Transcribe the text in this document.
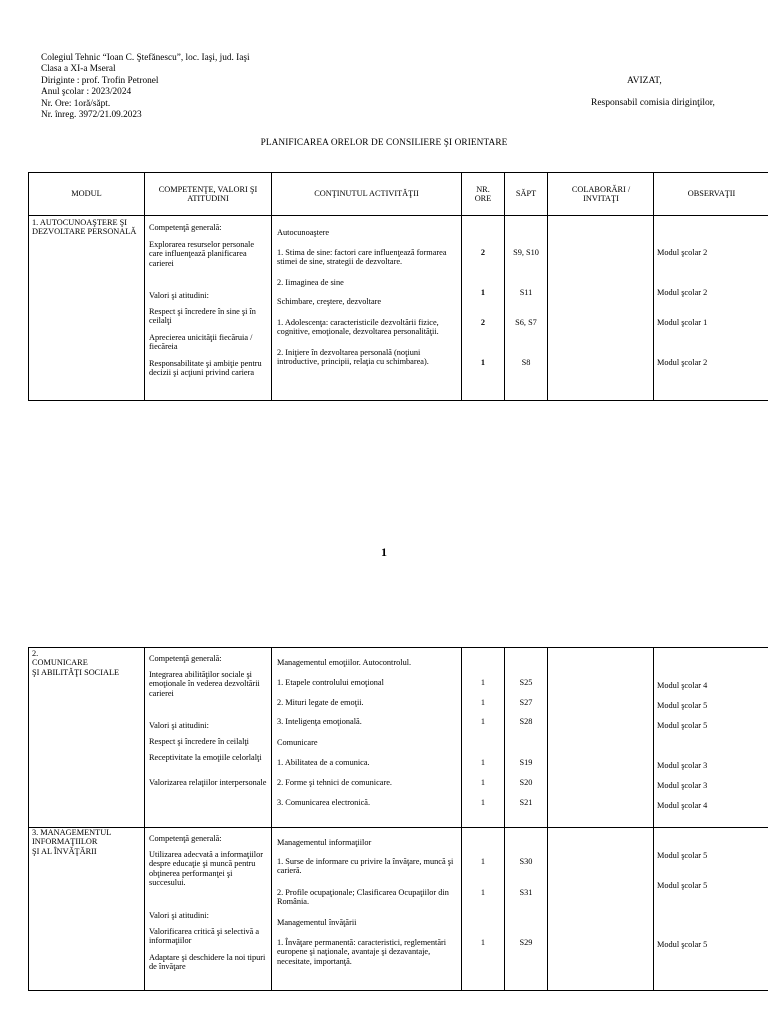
Colegiul Tehnic “Ioan C. Ştefănescu”, loc. Iaşi, jud. Iaşi
Clasa a XI-a Mseral
Diriginte : prof. Trofin Petronel
Anul şcolar : 2023/2024
Nr. Ore: 1oră/săpt.
Nr. înreg. 3972/21.09.2023
AVIZAT,
Responsabil comisia diriginţilor,
PLANIFICAREA ORELOR DE CONSILIERE ŞI ORIENTARE
MODUL
COMPETENŢE, VALORI ŞI ATITUDINI
CONŢINUTUL ACTIVITĂŢII
NR. ORE
SĂPT
COLABORĂRI / INVITAŢI
OBSERVAŢII
1. AUTOCUNOAŞTERE ŞI DEZVOLTARE PERSONALĂ	Competenţă generală:
Explorarea resurselor personale care influenţează planificarea carierei
Valori şi atitudini:
Respect şi încredere în sine şi în ceilalţi
Aprecierea unicităţii fiecăruia / fiecăreia
Responsabilitate şi ambiţie pentru decizii şi acţiuni privind cariera
Autocunoaştere
1. Stima de sine: factori care influenţează formarea stimei de sine, strategii de dezvoltare.
2. Iimaginea de sine
Schimbare, creştere, dezvoltare
1. Adolescenţa: caracteristicile dezvoltării fizice, cognitive, emoţionale, dezvoltarea personalităţii.
2. Iniţiere în dezvoltarea personală (noţiuni introductive, principii, relaţia cu schimbarea).
2
1
2
1
S9, S10
S11
S6, S7
S8
Modul şcolar 2
Modul şcolar 2
Modul şcolar 1
Modul şcolar 2
1
2.
COMUNICARE
ŞI ABILITĂŢI SOCIALE
Competenţă generală:
Integrarea abilităţilor sociale şi emoţionale în vederea dezvoltării carierei
Valori şi atitudini:
Respect şi încredere în ceilalţi
Receptivitate la emoţiile celorlalţi
Valorizarea relaţiilor interpersonale
Managementul emoţiilor. Autocontrolul.
1. Etapele controlului emoţional
2. Mituri legate de emoţii.
3. Inteligenţa emoţională.
Comunicare
1. Abilitatea de a comunica.
2. Forme şi tehnici de comunicare.
3. Comunicarea electronică.
1
1
1
1
1
1
S25
S27
S28
S19
S20
S21
Modul şcolar 4
Modul şcolar 5
Modul şcolar 5
Modul şcolar 3
Modul şcolar 3
Modul şcolar 4
3. MANAGEMENTUL
INFORMAŢIILOR
ŞI AL ÎNVĂŢĂRII
Competenţă generală:
Utilizarea adecvată a informaţiilor despre educaţie şi muncă pentru obţinerea performanţei şi succesului.
Valori şi atitudini:
Valorificarea critică şi selectivă a informaţiilor
Adaptare şi deschidere la noi tipuri de învăţare
Managementul informaţiilor
1. Surse de informare cu privire la învăţare, muncă şi carieră.
2. Profile ocupaţionale; Clasificarea Ocupaţiilor din România.
Managementul învăţării
1. Învăţare permanentă: caracteristici, reglementări europene şi naţionale, avantaje şi dezavantaje, necesitate, importanţă.
1
1
1
S30
S31
S29
Modul şcolar 5
Modul şcolar 5
Modul şcolar 5
